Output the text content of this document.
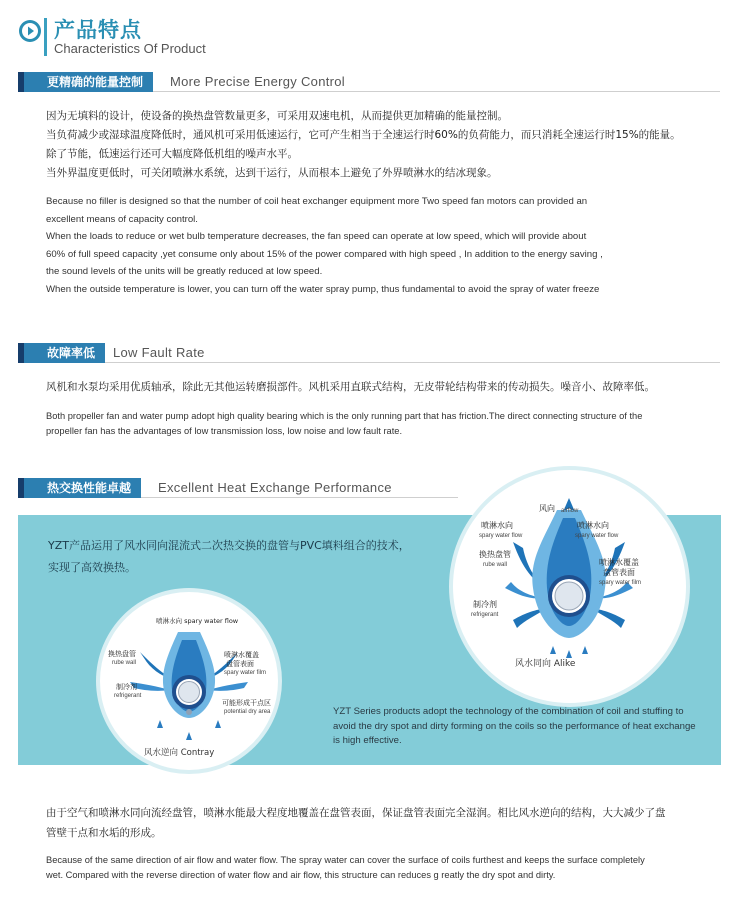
产品特点
Characteristics Of Product
更精确的能量控制	More Precise Energy Control
因为无填料的设计，使设备的换热盘管数量更多，可采用双速电机，从而提供更加精确的能量控制。
当负荷减少或湿球温度降低时，通风机可采用低速运行，它可产生相当于全速运行时60%的负荷能力，而只消耗全速运行时15%的能量。
除了节能，低速运行还可大幅度降低机组的噪声水平。
当外界温度更低时，可关闭喷淋水系统，达到干运行，从而根本上避免了外界喷淋水的结冰现象。
Because no filler is designed so that the number of coil heat exchanger equipment more Two speed fan motors can provided an
excellent means of capacity control.
When the loads to reduce or wet bulb temperature decreases, the fan speed can operate at low speed, which will provide about
60% of full speed capacity ,yet consume only about 15% of the power compared with high speed , In addition to the energy saving ,
the sound levels of the units will be greatly reduced at low speed.
When the outside temperature is lower, you can turn off the water spray pump, thus fundamental to avoid the spray of water freeze
故障率低	Low Fault Rate
风机和水泵均采用优质轴承，除此无其他运转磨损部件。风机采用直联式结构，无皮带轮结构带来的传动损失。噪音小、故障率低。
Both propeller fan and water pump adopt high quality bearing which is the only running part that has friction.The direct connecting structure of the
propeller fan has the advantages of low transmission loss, low noise and low fault rate.
热交换性能卓越	Excellent Heat Exchange Performance
YZT产品运用了风水同向混流式二次热交换的盘管与PVC填料组合的技术，实现了高效换热。
YZT Series products adopt the technology of the combination of coil and stuffing to avoid the dry spot and dirty forming on the coils so the performance of heat exchange is high effective.
风向 airflow
喷淋水向
spary water flow
喷淋水向
spary water flow
换热盘管
rube wall	喷淋水覆盖
盘管表面
spary water film
制冷剂
refrigerant
风水同向 Alike
喷淋水向 spary water flow
换热盘管
rube wall
喷淋水覆盖
盘管表面
spary water film
制冷剂
refrigerant
可能形成干点区
potential dry area
风水逆向 Contray
由于空气和喷淋水同向流经盘管，喷淋水能最大程度地覆盖在盘管表面，保证盘管表面完全湿润。相比风水逆向的结构，大大减少了盘
管壁干点和水垢的形成。
Because of the same direction of air flow and water flow. The spray water can cover the surface of coils furthest and keeps the surface completely
wet. Compared with the reverse direction of water flow and air flow, this structure can reduces g reatly the dry spot and dirty.
